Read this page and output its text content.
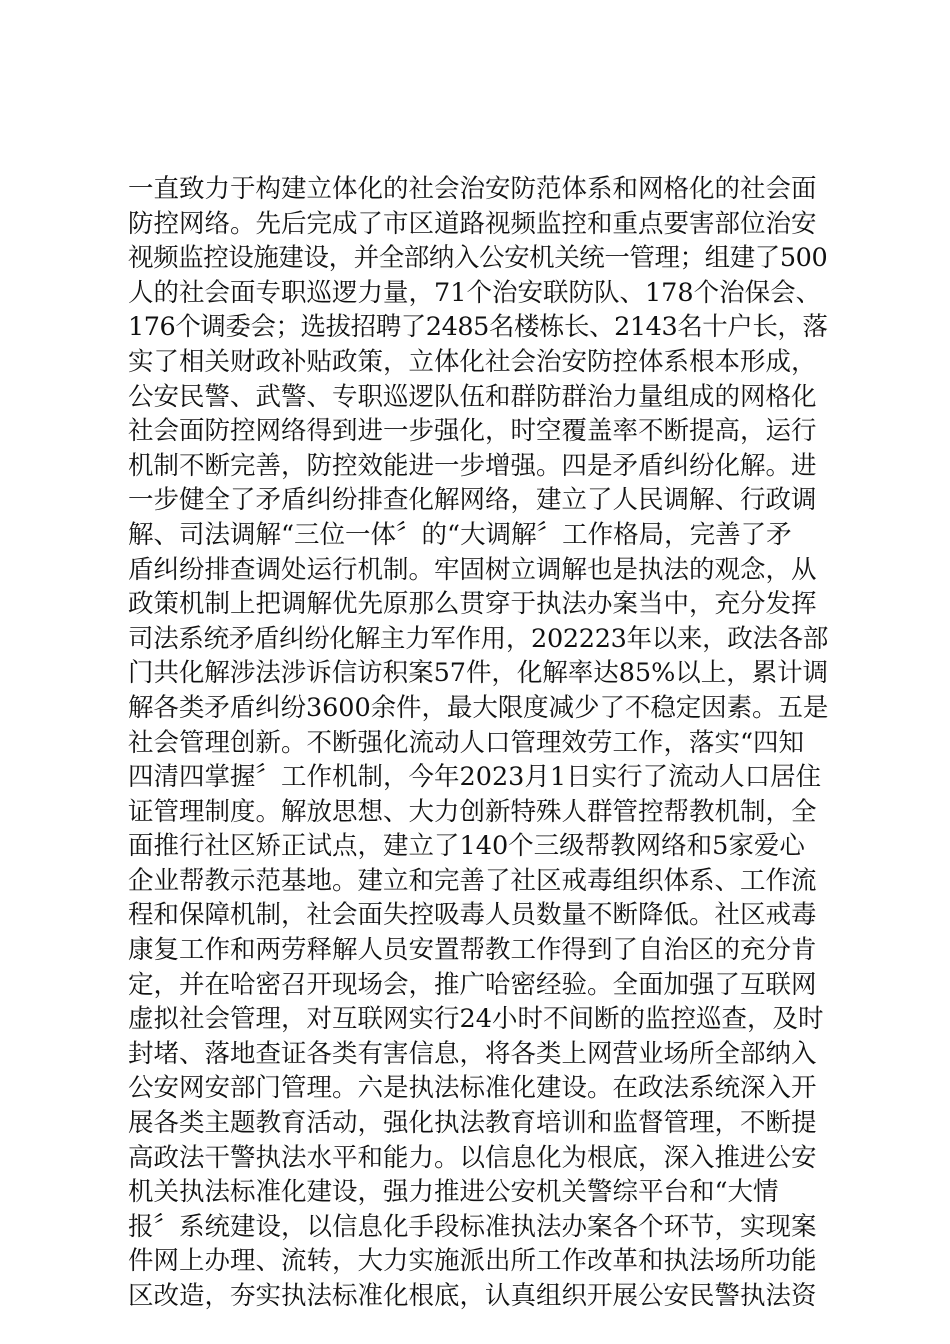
一直致力于构建立体化的社会治安防范体系和网格化的社会面
防控网络。先后完成了市区道路视频监控和重点要害部位治安
视频监控设施建设，并全部纳入公安机关统一管理；组建了500
人的社会面专职巡逻力量，71个治安联防队、178个治保会、
176个调委会；选拔招聘了2485名楼栋长、2143名十户长，落
实了相关财政补贴政策，立体化社会治安防控体系根本形成，
公安民警、武警、专职巡逻队伍和群防群治力量组成的网格化
社会面防控网络得到进一步强化，时空覆盖率不断提高，运行
机制不断完善，防控效能进一步增强。四是矛盾纠纷化解。进
一步健全了矛盾纠纷排查化解网络，建立了人民调解、行政调
解、司法调解“三位一体〞的“大调解〞工作格局，完善了矛
盾纠纷排查调处运行机制。牢固树立调解也是执法的观念，从
政策机制上把调解优先原那么贯穿于执法办案当中，充分发挥
司法系统矛盾纠纷化解主力军作用，202223年以来，政法各部
门共化解涉法涉诉信访积案57件，化解率达85%以上，累计调
解各类矛盾纠纷3600余件，最大限度减少了不稳定因素。五是
社会管理创新。不断强化流动人口管理效劳工作，落实“四知
四清四掌握〞工作机制，今年2023月1日实行了流动人口居住
证管理制度。解放思想、大力创新特殊人群管控帮教机制，全
面推行社区矫正试点，建立了140个三级帮教网络和5家爱心
企业帮教示范基地。建立和完善了社区戒毒组织体系、工作流
程和保障机制，社会面失控吸毒人员数量不断降低。社区戒毒
康复工作和两劳释解人员安置帮教工作得到了自治区的充分肯
定，并在哈密召开现场会，推广哈密经验。全面加强了互联网
虚拟社会管理，对互联网实行24小时不间断的监控巡查，及时
封堵、落地查证各类有害信息，将各类上网营业场所全部纳入
公安网安部门管理。六是执法标准化建设。在政法系统深入开
展各类主题教育活动，强化执法教育培训和监督管理，不断提
高政法干警执法水平和能力。以信息化为根底，深入推进公安
机关执法标准化建设，强力推进公安机关警综平台和“大情
报〞系统建设，以信息化手段标准执法办案各个环节，实现案
件网上办理、流转，大力实施派出所工作改革和执法场所功能
区改造，夯实执法标准化根底，认真组织开展公安民警执法资
